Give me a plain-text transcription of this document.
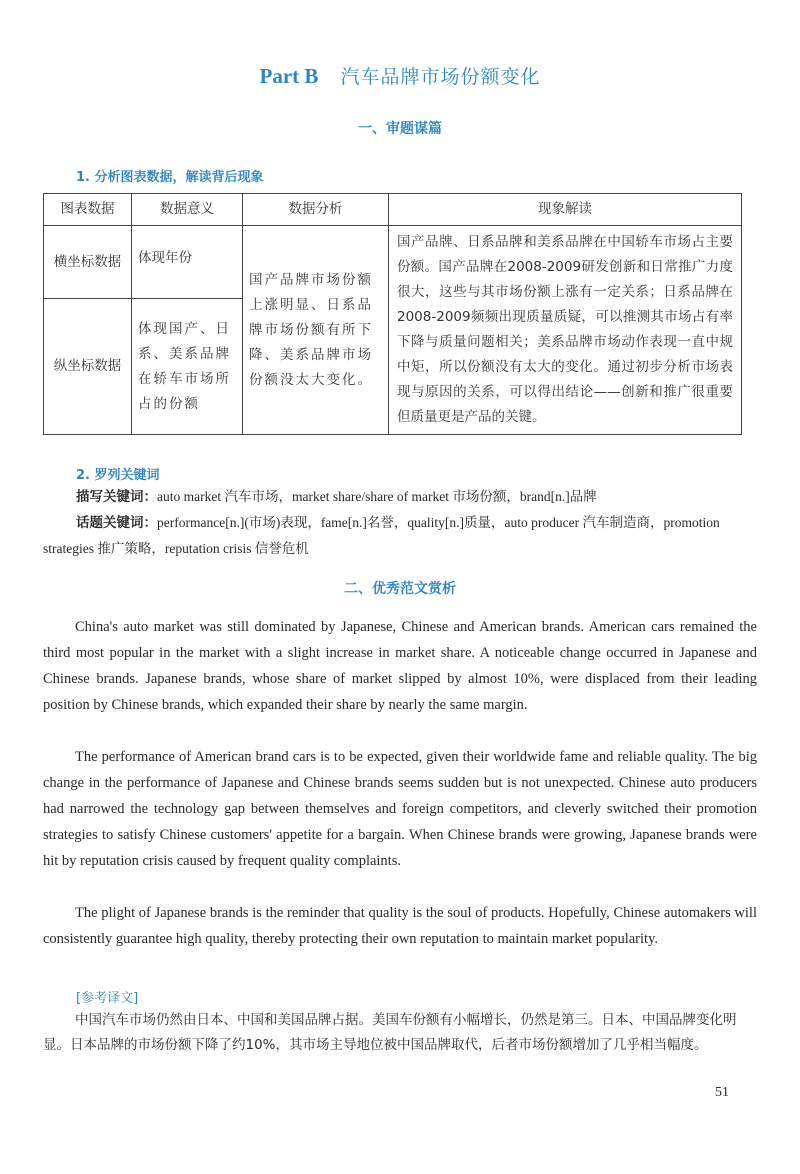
Part B 汽车品牌市场份额变化
一、审题谋篇
1. 分析图表数据，解读背后现象
图表数据	数据意义	数据分析	现象解读
横坐标数据	体现年份	国产品牌市场份额上涨明显、日系品牌市场份额有所下降、美系品牌市场份额没太大变化。	国产品牌、日系品牌和美系品牌在中国轿车市场占主要份额。国产品牌在2008-2009研发创新和日常推广力度很大，这些与其市场份额上涨有一定关系；日系品牌在2008-2009频频出现质量质疑，可以推测其市场占有率下降与质量问题相关；美系品牌市场动作表现一直中规中矩，所以份额没有太大的变化。通过初步分析市场表现与原因的关系，可以得出结论——创新和推广很重要但质量更是产品的关键。
纵坐标数据	体现国产、日系、美系品牌在轿车市场所占的份额		
2. 罗列关键词
描写关键词：auto market 汽车市场，market share/share of market 市场份额，brand[n.]品牌
话题关键词：performance[n.](市场)表现，fame[n.]名誉，quality[n.]质量，auto producer 汽车制造商，promotion strategies 推广策略，reputation crisis 信誉危机
二、优秀范文赏析

China's auto market was still dominated by Japanese, Chinese and American brands. American cars remained the third most popular in the market with a slight increase in market share. A noticeable change occurred in Japanese and Chinese brands. Japanese brands, whose share of market slipped by almost 10%, were displaced from their leading position by Chinese brands, which expanded their share by nearly the same margin.

The performance of American brand cars is to be expected, given their worldwide fame and reliable quality. The big change in the performance of Japanese and Chinese brands seems sudden but is not unexpected. Chinese auto producers had narrowed the technology gap between themselves and foreign competitors, and cleverly switched their promotion strategies to satisfy Chinese customers' appetite for a bargain. When Chinese brands were growing, Japanese brands were hit by reputation crisis caused by frequent quality complaints.

The plight of Japanese brands is the reminder that quality is the soul of products. Hopefully, Chinese automakers will consistently guarantee high quality, thereby protecting their own reputation to maintain market popularity.

[参考译文]

中国汽车市场仍然由日本、中国和美国品牌占据。美国车份额有小幅增长，仍然是第三。日本、中国品牌变化明显。日本品牌的市场份额下降了约10%，其市场主导地位被中国品牌取代，后者市场份额增加了几乎相当幅度。

51
